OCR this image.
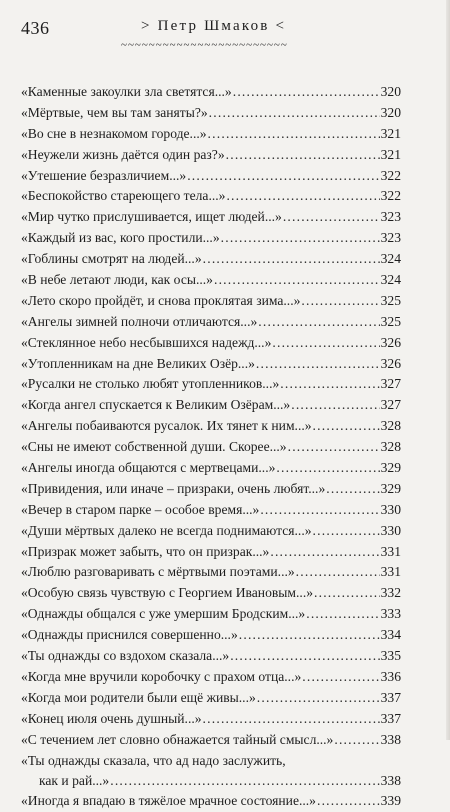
436	> Петр Шмаков <
~~~~~~~~~~~~~~~~~~~~~~~~
«Каменные закоулки зла светятся...» .....	320
«Мёртвые, чем вы там заняты?» .....	320
«Во сне в незнакомом городе...» .....	321
«Неужели жизнь даётся один раз?» .....	321
«Утешение безразличием...» .....	322
«Беспокойство стареющего тела...» .....	322
«Мир чутко прислушивается, ищет людей...» .....	323
«Каждый из вас, кого простили...» .....	323
«Гоблины смотрят на людей...» .....	324
«В небе летают люди, как осы...» .....	324
«Лето скоро пройдёт, и снова проклятая зима...» .....	325
«Ангелы зимней полночи отличаются...» .....	325
«Стеклянное небо несбывшихся надежд...» .....	326
«Утопленникам на дне Великих Озёр...» .....	326
«Русалки не столько любят утопленников...» .....	327
«Когда ангел спускается к Великим Озёрам...» .....	327
«Ангелы побаиваются русалок. Их тянет к ним...» .....	328
«Сны не имеют собственной души. Скорее...» .....	328
«Ангелы иногда общаются с мертвецами...» .....	329
«Привидения, или иначе – призраки, очень любят...» .....	329
«Вечер в старом парке – особое время...» .....	330
«Души мёртвых далеко не всегда поднимаются...» .....	330
«Призрак может забыть, что он призрак...» .....	331
«Люблю разговаривать с мёртвыми поэтами...» .....	331
«Особую связь чувствую с Георгием Ивановым...» .....	332
«Однажды общался с уже умершим Бродским...» .....	333
«Однажды приснился совершенно...» .....	334
«Ты однажды со вздохом сказала...» .....	335
«Когда мне вручили коробочку с прахом отца...» .....	336
«Когда мои родители были ещё живы...» .....	337
«Конец июля очень душный...» .....	337
«С течением лет словно обнажается тайный смысл...» .....	338
«Ты однажды сказала, что ад надо заслужить,
как и рай...» .....	338
«Иногда я впадаю в тяжёлое мрачное состояние...» .....	339
